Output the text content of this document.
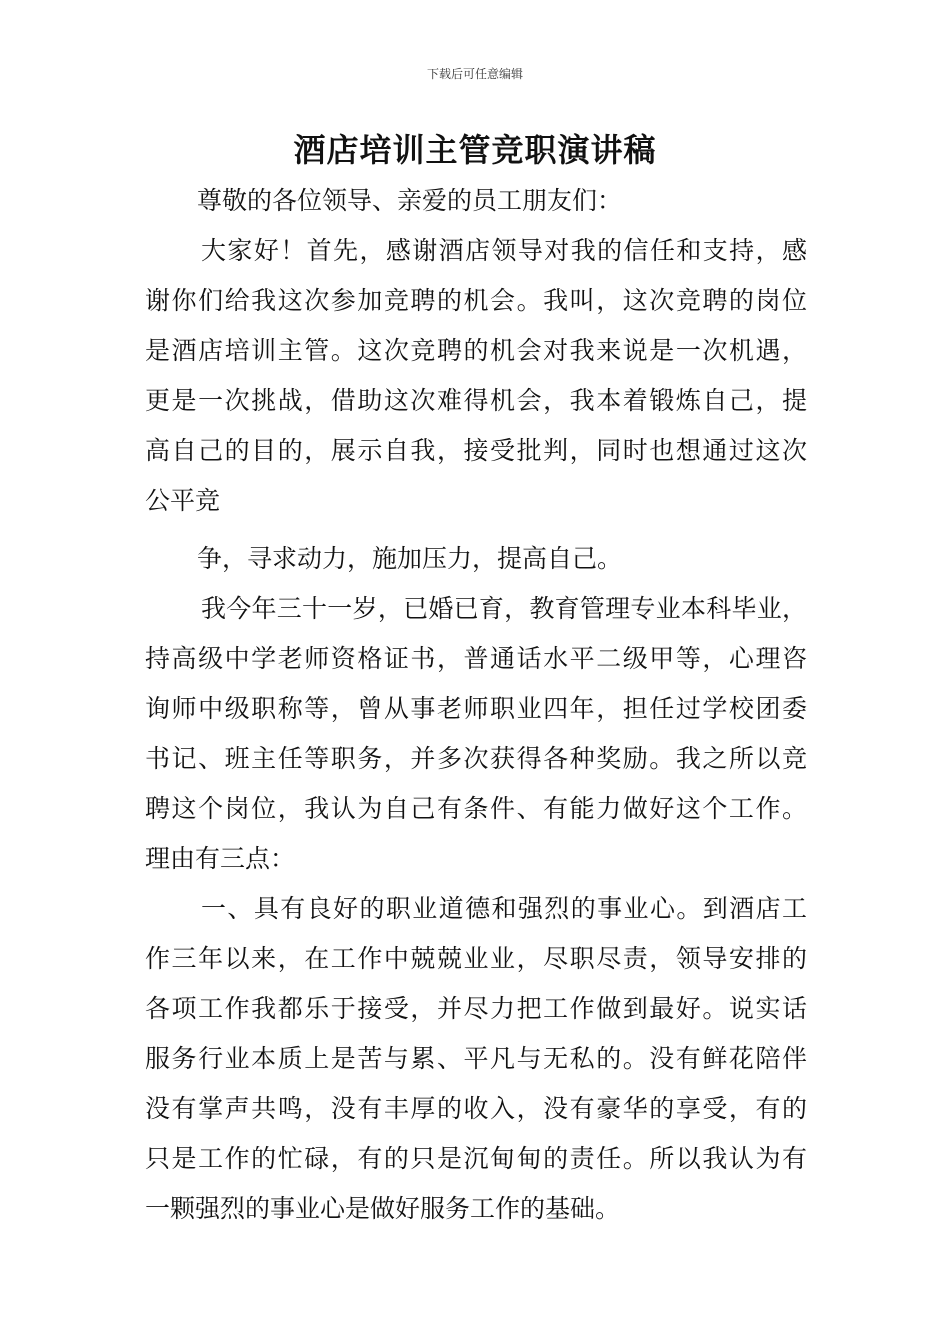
下载后可任意编辑
酒店培训主管竞职演讲稿
尊敬的各位领导、亲爱的员工朋友们：
大家好！首先，感谢酒店领导对我的信任和支持，感
谢你们给我这次参加竞聘的机会。我叫，这次竞聘的岗位
是酒店培训主管。这次竞聘的机会对我来说是一次机遇，
更是一次挑战，借助这次难得机会，我本着锻炼自己，提
高自己的目的，展示自我，接受批判，同时也想通过这次
公平竞
争，寻求动力，施加压力，提高自己。
我今年三十一岁，已婚已育，教育管理专业本科毕业，
持高级中学老师资格证书，普通话水平二级甲等，心理咨
询师中级职称等，曾从事老师职业四年，担任过学校团委
书记、班主任等职务，并多次获得各种奖励。我之所以竞
聘这个岗位，我认为自己有条件、有能力做好这个工作。
理由有三点：
一、具有良好的职业道德和强烈的事业心。到酒店工
作三年以来，在工作中兢兢业业，尽职尽责，领导安排的
各项工作我都乐于接受，并尽力把工作做到最好。说实话
服务行业本质上是苦与累、平凡与无私的。没有鲜花陪伴
没有掌声共鸣，没有丰厚的收入，没有豪华的享受，有的
只是工作的忙碌，有的只是沉甸甸的责任。所以我认为有
一颗强烈的事业心是做好服务工作的基础。
